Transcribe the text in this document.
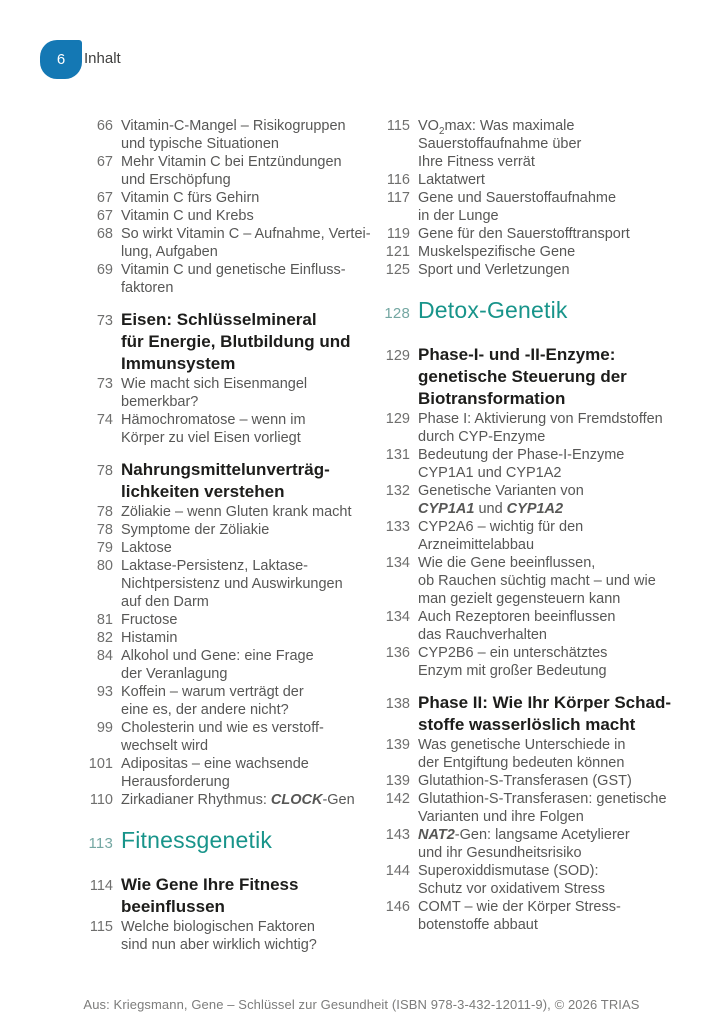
6 Inhalt
66 Vitamin-C-Mangel – Risikogruppen
und typische Situationen
67 Mehr Vitamin C bei Entzündungen
und Erschöpfung
67 Vitamin C fürs Gehirn
67 Vitamin C und Krebs
68 So wirkt Vitamin C – Aufnahme, Vertei-
lung, Aufgaben
69 Vitamin C und genetische Einfluss-
faktoren
73 Eisen: Schlüsselmineral
für Energie, Blutbildung und
Immunsystem
73 Wie macht sich Eisenmangel bemerkbar?
74 Hämochromatose – wenn im
Körper zu viel Eisen vorliegt
78 Nahrungsmittelunverträg-
lichkeiten verstehen
78 Zöliakie – wenn Gluten krank macht
78 Symptome der Zöliakie
79 Laktose
80 Laktase-Persistenz, Laktase-
Nichtpersistenz und Auswirkungen
auf den Darm
81 Fructose
82 Histamin
84 Alkohol und Gene: eine Frage
der Veranlagung
93 Koffein – warum verträgt der
eine es, der andere nicht?
99 Cholesterin und wie es verstoff-
wechselt wird
101 Adipositas – eine wachsende
Herausforderung
110 Zirkadianer Rhythmus: CLOCK-Gen
113 Fitnessgenetik
114 Wie Gene Ihre Fitness
beeinflussen
115 Welche biologischen Faktoren
sind nun aber wirklich wichtig?
115 $VO_2\max$: Was maximale
Sauerstoffaufnahme über
Ihre Fitness verrät
116 Laktatwert
117 Gene und Sauerstoffaufnahme
in der Lunge
119 Gene für den Sauerstofftransport
121 Muskelspezifische Gene
125 Sport und Verletzungen
128 Detox-Genetik
129 Phase-I- und -II-Enzyme:
genetische Steuerung der
Biotransformation
129 Phase I: Aktivierung von Fremdstoffen
durch CYP-Enzyme
131 Bedeutung der Phase-I-Enzyme
CYP1A1 und CYP1A2
132 Genetische Varianten von
CYP1A1 und CYP1A2
133 CYP2A6 – wichtig für den
Arzneimittelabbau
134 Wie die Gene beeinflussen,
ob Rauchen süchtig macht – und wie
man gezielt gegensteuern kann
134 Auch Rezeptoren beeinflussen
das Rauchverhalten
136 CYP2B6 – ein unterschätztes
Enzym mit großer Bedeutung
138 Phase II: Wie Ihr Körper Schad-
stoffe wasserlöslich macht
139 Was genetische Unterschiede in
der Entgiftung bedeuten können
139 Glutathion-S-Transferasen (GST)
142 Glutathion-S-Transferasen: genetische
Varianten und ihre Folgen
143 NAT2-Gen: langsame Acetylierer
und ihr Gesundheitsrisiko
144 Superoxiddismutase (SOD):
Schutz vor oxidativem Stress
146 COMT – wie der Körper Stress-
botenstoffe abbaut
Aus: Kriegsmann, Gene – Schlüssel zur Gesundheit (ISBN 978-3-432-12011-9), © 2026 TRIAS
